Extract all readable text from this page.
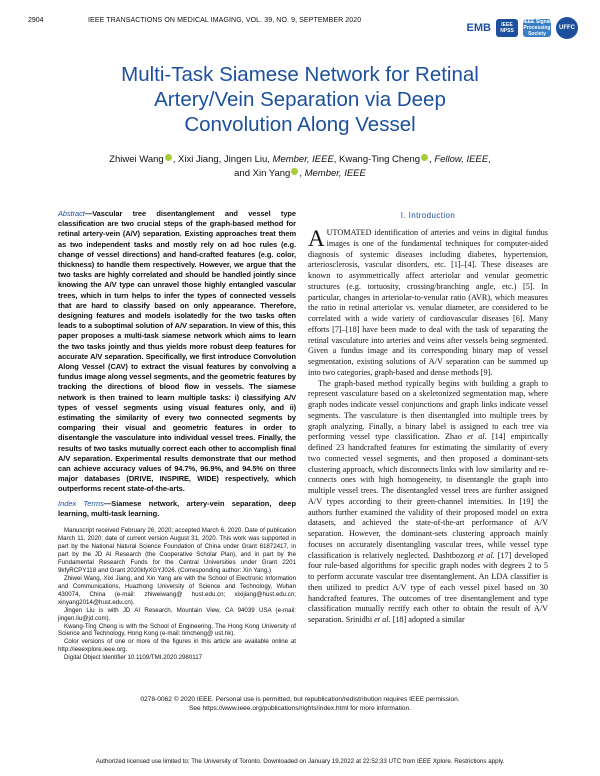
2904	IEEE TRANSACTIONS ON MEDICAL IMAGING, VOL. 39, NO. 9, SEPTEMBER 2020
EMB	IEEE NPSS
IEEE Signal Processing Society
UFFC
Multi-Task Siamese Network for Retinal
Artery/Vein Separation via Deep
Convolution Along Vessel
Zhiwei Wang , Xixi Jiang, Jingen Liu, Member, IEEE, Kwang-Ting Cheng , Fellow, IEEE,
and Xin Yang , Member, IEEE
Abstract—Vascular tree disentanglement and vessel type classification are two crucial steps of the graph-based method for retinal artery-vein (A/V) separation. Existing approaches treat them as two independent tasks and mostly rely on ad hoc rules (e.g. change of vessel directions) and hand-crafted features (e.g. color, thickness) to handle them respectively. However, we argue that the two tasks are highly correlated and should be handled jointly since knowing the A/V type can unravel those highly entangled vascular trees, which in turn helps to infer the types of connected vessels that are hard to classify based on only appearance. Therefore, designing features and models isolatedly for the two tasks often leads to a suboptimal solution of A/V separation. In view of this, this paper proposes a multi-task siamese network which aims to learn the two tasks jointly and thus yields more robust deep features for accurate A/V separation. Specifically, we first introduce Convolution Along Vessel (CAV) to extract the visual features by convolving a fundus image along vessel segments, and the geometric features by tracking the directions of blood flow in vessels. The siamese network is then trained to learn multiple tasks: i) classifying A/V types of vessel segments using visual features only, and ii) estimating the similarity of every two connected segments by comparing their visual and geometric features in order to disentangle the vasculature into individual vessel trees. Finally, the results of two tasks mutually correct each other to accomplish final A/V separation. Experimental results demonstrate that our method can achieve accuracy values of 94.7%, 96.9%, and 94.5% on three major databases (DRIVE, INSPIRE, WIDE) respectively, which outperforms recent state-of-the-arts.
Index Terms—Siamese network, artery-vein separation, deep learning, multi-task learning.

Manuscript received February 26, 2020; accepted March 6, 2020. Date of publication March 11, 2020; date of current version August 31, 2020. This work was supported in part by the National Natural Science Foundation of China under Grant 61872417, in part by the JD AI Research (the Cooperative Scholar Plan), and in part by the Fundamental Research Funds for the Central Universities under Grant 2201 9kfyRCPY118 and Grant 2020kfyXGYJ026. (Corresponding author: Xin Yang.)

Zhiwei Wang, Xixi Jiang, and Xin Yang are with the School of Electronic Information and Communications, Huazhong University of Science and Technology, Wuhan 430074, China (e-mail: zhiweiwang@ hust.edu.cn; xixijiang@hust.edu.cn; xinyang2014@hust.edu.cn).

Jingen Liu is with JD AI Research, Mountain View, CA 94039 USA (e-mail: jingen.liu@jd.com).

Kwang-Ting Cheng is with the School of Engineering, The Hong Kong University of Science and Technology, Hong Kong (e-mail: timcheng@ ust.hk).

Color versions of one or more of the figures in this article are available online at http://ieeexplore.ieee.org.

Digital Object Identifier 10.1109/TMI.2020.2980117

I. Introduction

AUTOMATED identification of arteries and veins in digital fundus images is one of the fundamental techniques for computer-aided diagnosis of systemic diseases including diabetes, hypertension, arteriosclerosis, vascular disorders, etc. [1]–[4]. These diseases are known to asymmetrically affect arteriolar and venular geometric structures (e.g. tortuosity, crossing/branching angle, etc.) [5]. In particular, changes in arteriolar-to-venular ratio (AVR), which measures the ratio in retinal arteriolar vs. venular diameter, are considered to be correlated with a wide variety of cardiovascular diseases [6]. Many efforts [7]–[18] have been made to deal with the task of separating the retinal vasculature into arteries and veins after vessels being segmented. Given a fundus image and its corresponding binary map of vessel segmentation, existing solutions of A/V separation can be summed up into two categories, graph-based and dense methods [9].

The graph-based method typically begins with building a graph to represent vasculature based on a skeletonized segmentation map, where graph nodes indicate vessel conjunctions and graph links indicate vessel segments. The vasculature is then disentangled into multiple trees by graph analyzing. Finally, a binary label is assigned to each tree via performing vessel type classification. Zhao et al. [14] empirically defined 23 handcrafted features for estimating the similarity of every two connected vessel segments, and then proposed a dominant-sets clustering approach, which disconnects links with low similarity and re-connects ones with high homogeneity, to disentangle the graph into multiple vessel trees. The disentangled vessel trees are further assigned A/V types according to their green-channel intensities. In [19] the authors further examined the validity of their proposed model on extra datasets, and achieved the state-of-the-art performance of A/V separation. However, the dominant-sets clustering approach mainly focuses on accurately disentangling vascular trees, while vessel type classification is relatively neglected. Dashtbozorg et al. [17] developed four rule-based algorithms for specific graph nodes with degrees 2 to 5 to perform accurate vascular tree disentanglement. An LDA classifier is then utilized to predict A/V type of each vessel pixel based on 30 handcrafted features. The outcomes of tree disentanglement and type classification mutually rectify each other to obtain the result of A/V separation. Srinidhi et al. [18] adopted a similar

0278-0062 © 2020 IEEE. Personal use is permitted, but republication/redistribution requires IEEE permission.
See https://www.ieee.org/publications/rights/index.html for more information.
Authorized licensed use limited to: The University of Toronto. Downloaded on January 19,2022 at 22:52:33 UTC from IEEE Xplore. Restrictions apply.
